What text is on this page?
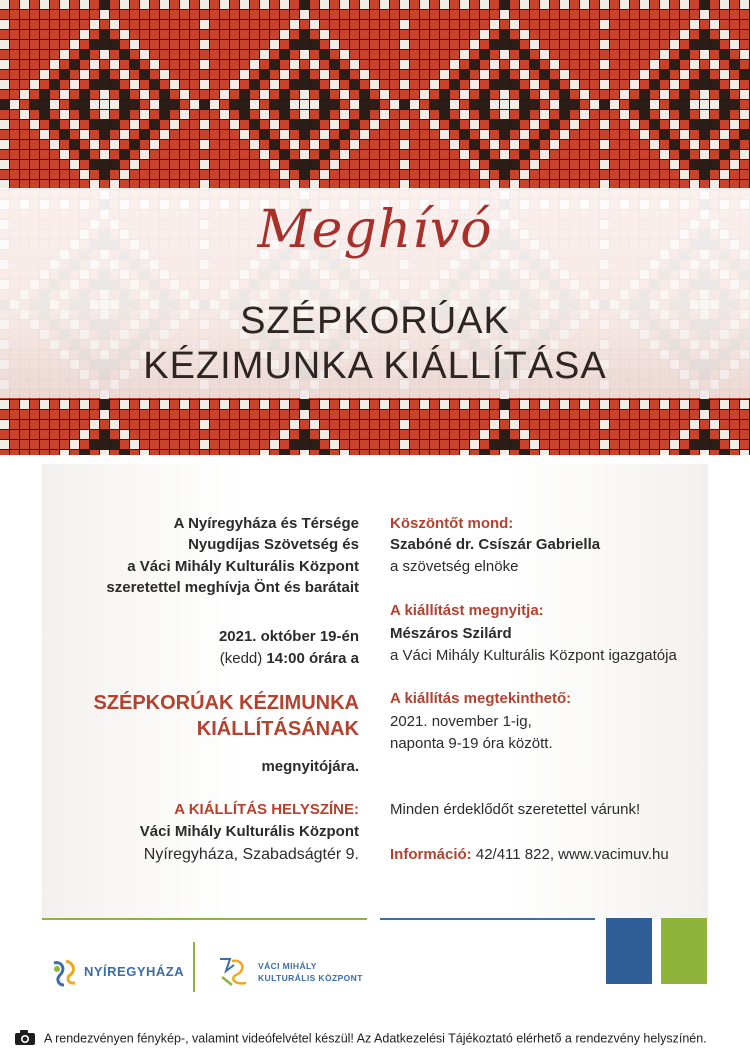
Meghívó
SZÉPKORÚAK
KÉZIMUNKA KIÁLLÍTÁSA
A Nyíregyháza és Térsége
Nyugdíjas Szövetség és
a Váci Mihály Kulturális Központ
szeretettel meghívja Önt és barátait
2021. október 19-én
(kedd) 14:00 órára a
SZÉPKORÚAK KÉZIMUNKA
KIÁLLÍTÁSÁNAK
megnyitójára.
A KIÁLLÍTÁS HELYSZÍNE:
Váci Mihály Kulturális Központ
Nyíregyháza, Szabadságtér 9.
Köszöntőt mond:
Szabóné dr. Csíszár Gabriella
a szövetség elnöke
A kiállítást megnyitja:
Mészáros Szilárd
a Váci Mihály Kulturális Központ igazgatója
A kiállítás megtekinthető:
2021. november 1-ig,
naponta 9-19 óra között.
Minden érdeklődőt szeretettel várunk!
Információ: 42/411 822, www.vacimuv.hu
NYÍREGYHÁZA	VÁCI MIHÁLY
KULTURÁLIS KÖZPONT
A rendezvényen fénykép-, valamint videófelvétel készül! Az Adatkezelési Tájékoztató elérhető a rendezvény helyszínén.
